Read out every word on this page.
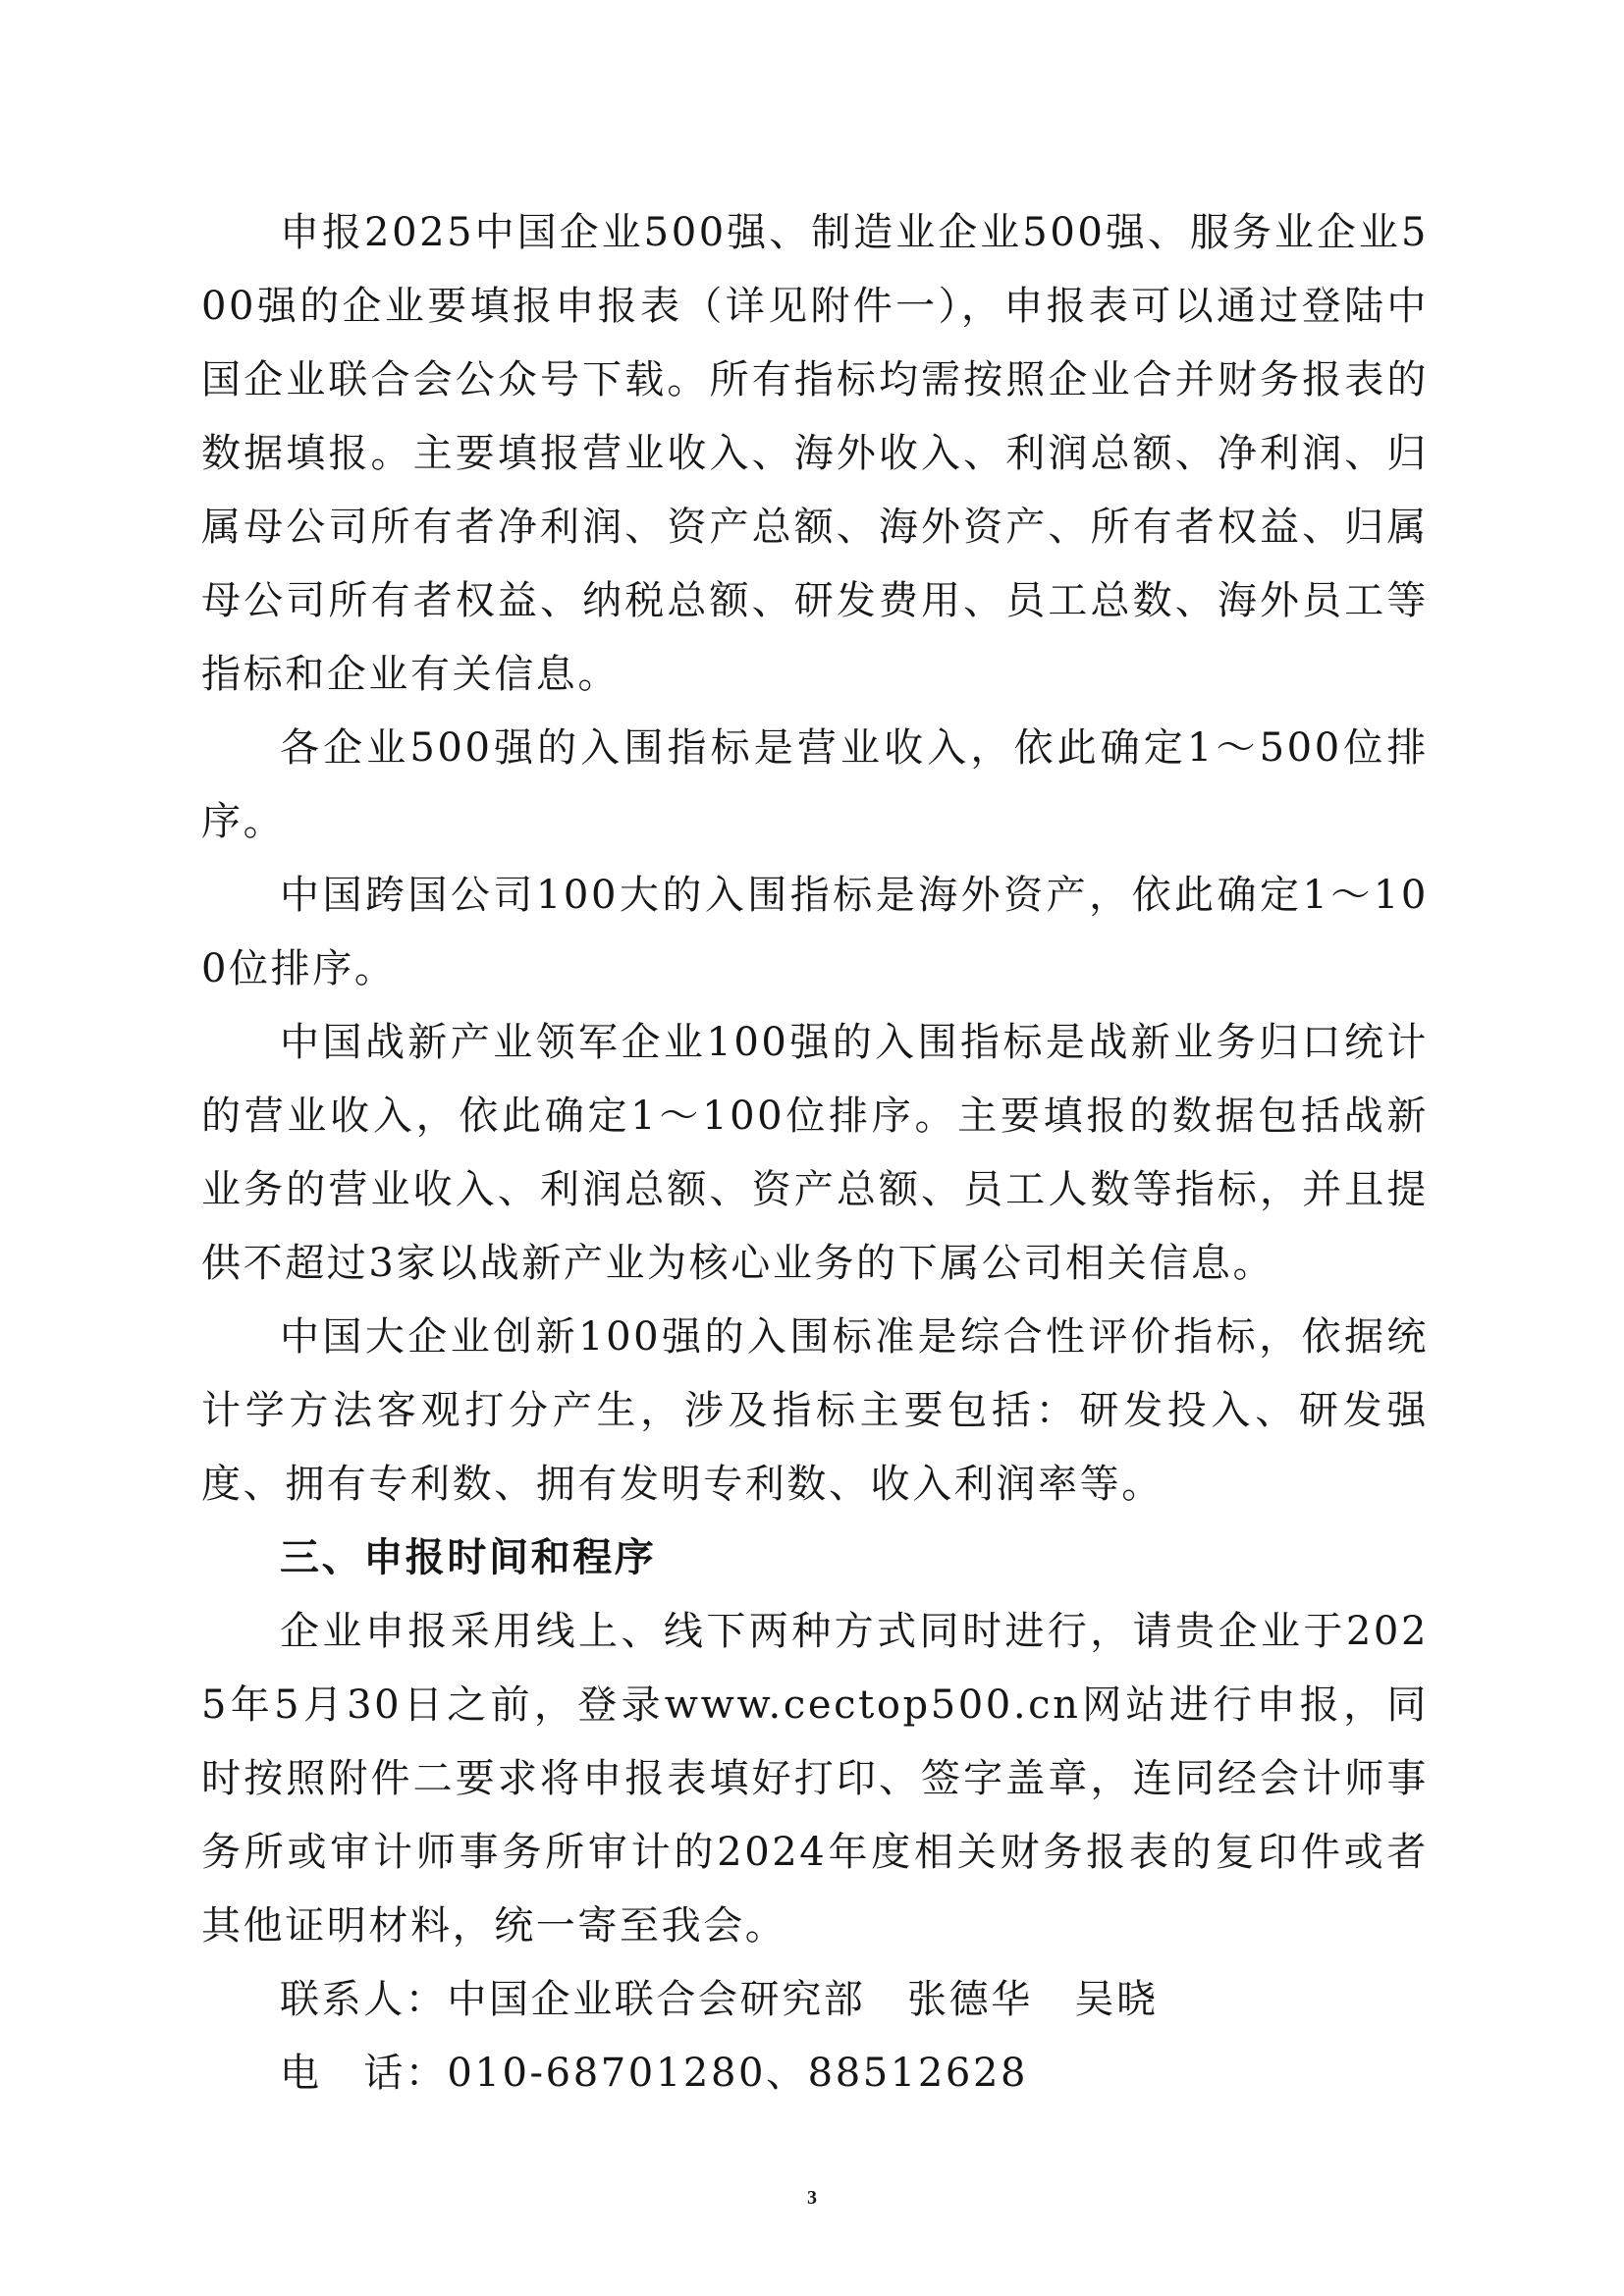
申报2025中国企业500强、制造业企业500强、服务业企业500强的企业要填报申报表（详见附件一），申报表可以通过登陆中国企业联合会公众号下载。所有指标均需按照企业合并财务报表的数据填报。主要填报营业收入、海外收入、利润总额、净利润、归属母公司所有者净利润、资产总额、海外资产、所有者权益、归属母公司所有者权益、纳税总额、研发费用、员工总数、海外员工等指标和企业有关信息。

各企业500强的入围指标是营业收入，依此确定1～500位排序。

中国跨国公司100大的入围指标是海外资产，依此确定1～100位排序。

中国战新产业领军企业100强的入围指标是战新业务归口统计的营业收入，依此确定1～100位排序。主要填报的数据包括战新业务的营业收入、利润总额、资产总额、员工人数等指标，并且提供不超过3家以战新产业为核心业务的下属公司相关信息。

中国大企业创新100强的入围标准是综合性评价指标，依据统计学方法客观打分产生，涉及指标主要包括：研发投入、研发强度、拥有专利数、拥有发明专利数、收入利润率等。

三、申报时间和程序

企业申报采用线上、线下两种方式同时进行，请贵企业于2025年5月30日之前，登录www.cectop500.cn网站进行申报，同时按照附件二要求将申报表填好打印、签字盖章，连同经会计师事务所或审计师事务所审计的2024年度相关财务报表的复印件或者其他证明材料，统一寄至我会。

联系人：中国企业联合会研究部　张德华　吴晓

电　话：010-68701280、88512628

3
